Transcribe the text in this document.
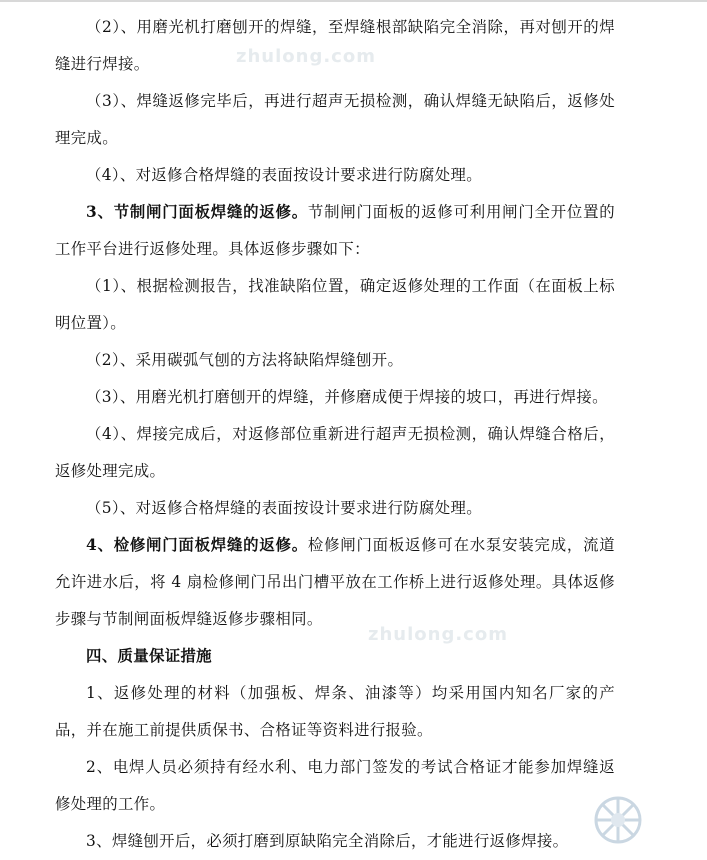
zhulong.com
zhulong.com

（2）、用磨光机打磨刨开的焊缝，至焊缝根部缺陷完全消除，再对刨开的焊缝进行焊接。

（3）、焊缝返修完毕后，再进行超声无损检测，确认焊缝无缺陷后，返修处理完成。

（4）、对返修合格焊缝的表面按设计要求进行防腐处理。

3、节制闸门面板焊缝的返修。节制闸门面板的返修可利用闸门全开位置的工作平台进行返修处理。具体返修步骤如下：

（1）、根据检测报告，找准缺陷位置，确定返修处理的工作面（在面板上标明位置）。

（2）、采用碳弧气刨的方法将缺陷焊缝刨开。

（3）、用磨光机打磨刨开的焊缝，并修磨成便于焊接的坡口，再进行焊接。

（4）、焊接完成后，对返修部位重新进行超声无损检测，确认焊缝合格后，返修处理完成。

（5）、对返修合格焊缝的表面按设计要求进行防腐处理。

4、检修闸门面板焊缝的返修。检修闸门面板返修可在水泵安装完成，流道允许进水后，将 4 扇检修闸门吊出门槽平放在工作桥上进行返修处理。具体返修步骤与节制闸面板焊缝返修步骤相同。

四、质量保证措施

1、返修处理的材料（加强板、焊条、油漆等）均采用国内知名厂家的产品，并在施工前提供质保书、合格证等资料进行报验。

2、电焊人员必须持有经水利、电力部门签发的考试合格证才能参加焊缝返修处理的工作。

3、焊缝刨开后，必须打磨到原缺陷完全消除后，才能进行返修焊接。
